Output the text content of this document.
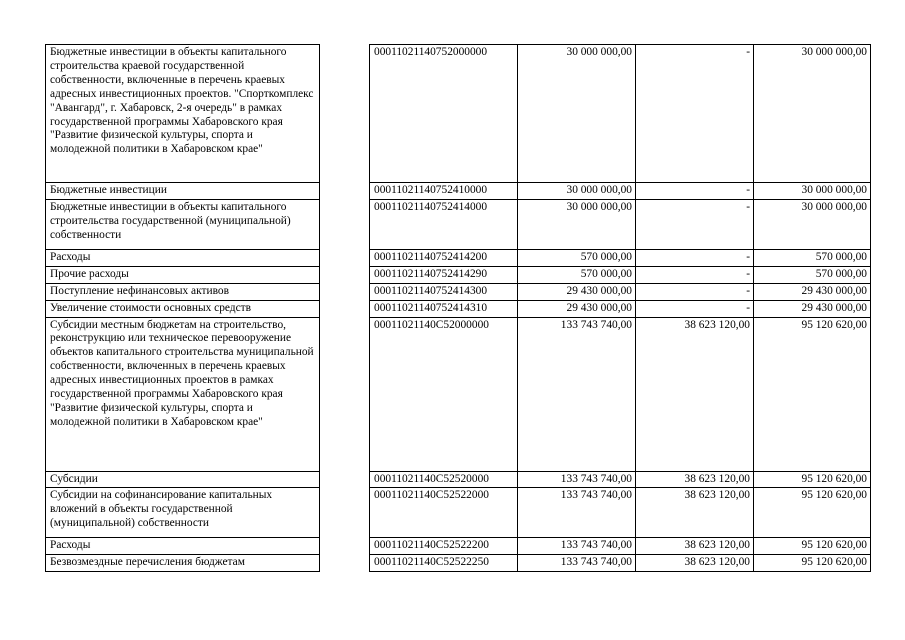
Бюджетные инвестиции в объекты капитального строительства краевой государственной собственности, включенные в перечень краевых адресных инвестиционных проектов. "Спорткомплекс "Авангард", г. Хабаровск, 2-я очередь" в рамках государственной программы Хабаровского края "Развитие физической культуры, спорта и молодежной политики в Хабаровском крае"		00011021140752000000	30 000 000,00	-	30 000 000,00
Бюджетные инвестиции		00011021140752410000	30 000 000,00	-	30 000 000,00
Бюджетные инвестиции в объекты капитального строительства государственной (муниципальной) собственности		00011021140752414000	30 000 000,00	-	30 000 000,00
Расходы		00011021140752414200	570 000,00	-	570 000,00
Прочие расходы		00011021140752414290	570 000,00	-	570 000,00
Поступление нефинансовых активов		00011021140752414300	29 430 000,00	-	29 430 000,00
Увеличение стоимости основных средств		00011021140752414310	29 430 000,00	-	29 430 000,00
Субсидии местным бюджетам на строительство, реконструкцию или техническое перевооружение объектов капитального строительства муниципальной собственности, включенных в перечень краевых адресных инвестиционных проектов в рамках государственной программы Хабаровского края "Развитие физической культуры, спорта и молодежной политики в Хабаровском крае"		00011021140C52000000	133 743 740,00	38 623 120,00	95 120 620,00
Субсидии		00011021140C52520000	133 743 740,00	38 623 120,00	95 120 620,00
Субсидии на софинансирование капитальных вложений в объекты государственной (муниципальной) собственности		00011021140C52522000	133 743 740,00	38 623 120,00	95 120 620,00
Расходы		00011021140C52522200	133 743 740,00	38 623 120,00	95 120 620,00
Безвозмездные перечисления бюджетам		00011021140C52522250	133 743 740,00	38 623 120,00	95 120 620,00
